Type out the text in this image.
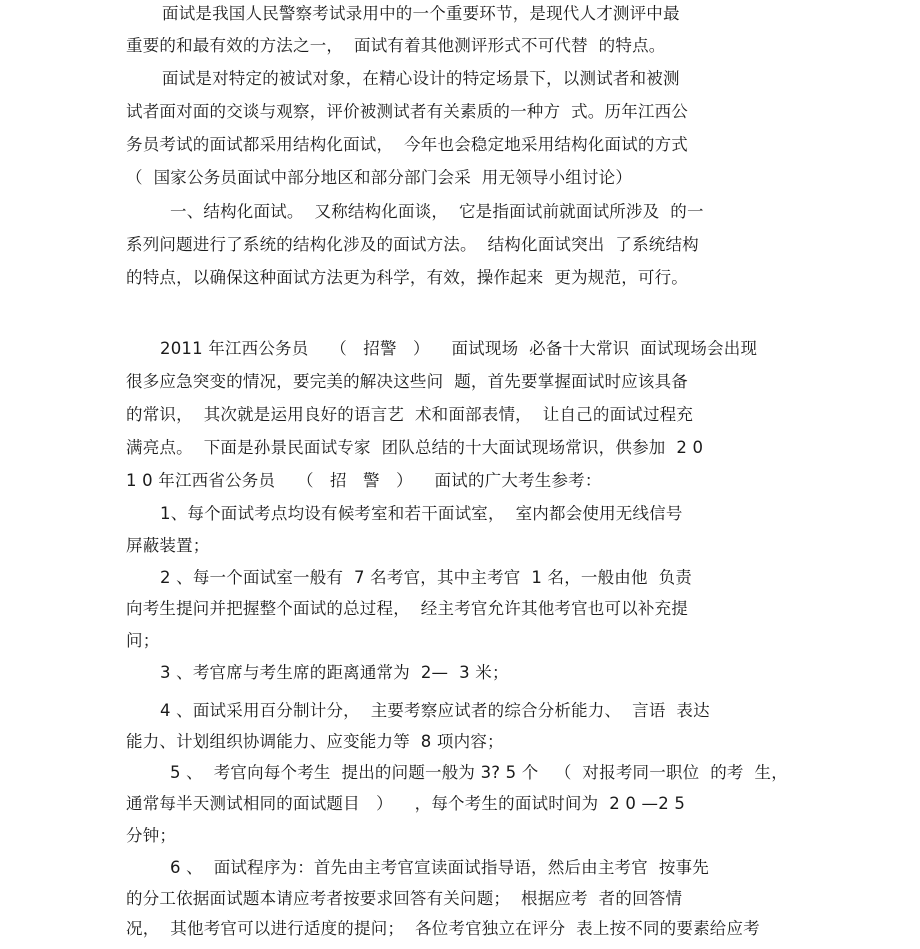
面试是我国人民警察考试录用中的一个重要环节，是现代人才测评中最
重要的和最有效的方法之一，  面试有着其他测评形式不可代替  的特点。
面试是对特定的被试对象，在精心设计的特定场景下，以测试者和被测
试者面对面的交谈与观察，评价被测试者有关素质的一种方  式。历年江西公
务员考试的面试都采用结构化面试，  今年也会稳定地采用结构化面试的方式
（  国家公务员面试中部分地区和部分部门会采  用无领导小组讨论）
一、结构化面试。  又称结构化面谈，  它是指面试前就面试所涉及  的一
系列问题进行了系统的结构化涉及的面试方法。  结构化面试突出  了系统结构
的特点，以确保这种面试方法更为科学，有效，操作起来  更为规范，可行。
2011 年江西公务员    （   招警   ）    面试现场  必备十大常识  面试现场会出现
很多应急突变的情况，要完美的解决这些问  题，首先要掌握面试时应该具备
的常识，  其次就是运用良好的语言艺  术和面部表情，  让自己的面试过程充
满亮点。  下面是孙景民面试专家  团队总结的十大面试现场常识，供参加  2 0
1 0 年江西省公务员    （   招   警   ）    面试的广大考生参考：
1、每个面试考点均设有候考室和若干面试室，  室内都会使用无线信号
屏蔽装置；
2 、每一个面试室一般有  7 名考官，其中主考官  1 名，一般由他  负责
向考生提问并把握整个面试的总过程，  经主考官允许其他考官也可以补充提
问；
3 、考官席与考生席的距离通常为  2—  3 米；
4 、面试采用百分制计分，  主要考察应试者的综合分析能力、  言语  表达
能力、计划组织协调能力、应变能力等  8 项内容；
5 、  考官向每个考生  提出的问题一般为 3? 5 个   （  对报考同一职位  的考  生，
通常每半天测试相同的面试题目   ）    ，每个考生的面试时间为  2 0 —2 5
分钟；
6 、  面试程序为：首先由主考官宣读面试指导语，然后由主考官  按事先
的分工依据面试题本请应考者按要求回答有关问题；  根据应考  者的回答情
况，  其他考官可以进行适度的提问；  各位考官独立在评分  表上按不同的要素给应考
